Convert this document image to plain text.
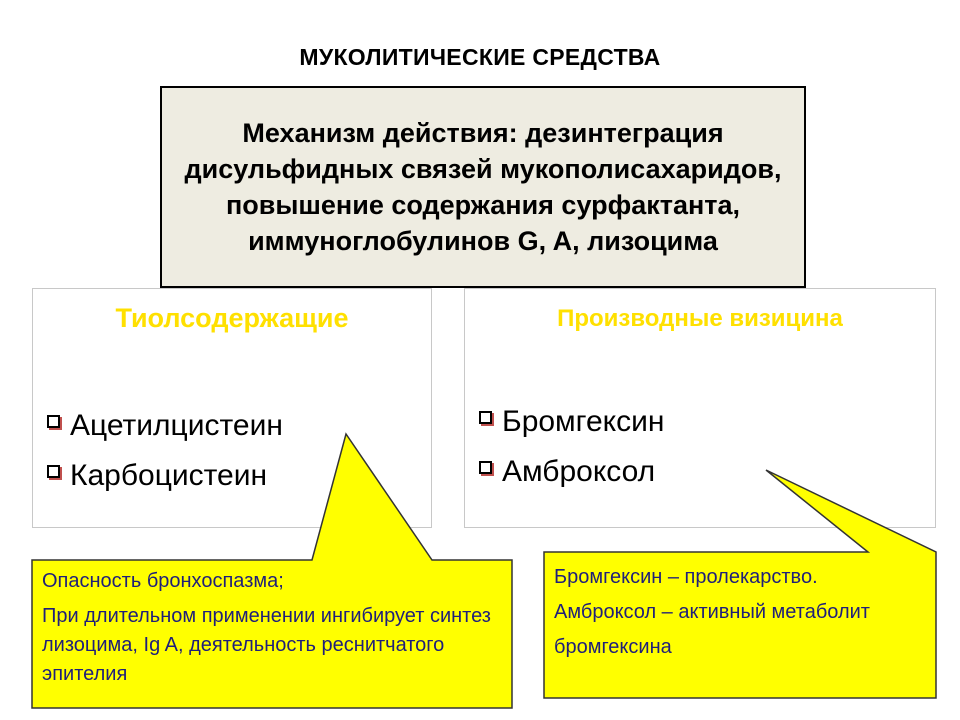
МУКОЛИТИЧЕСКИЕ СРЕДСТВА
Механизм действия: дезинтеграция дисульфидных связей мукополисахаридов, повышение содержания сурфактанта, иммуноглобулинов G, A, лизоцима
Тиолсодержащие
Ацетилцистеин
Карбоцистеин
Производные визицина
Бромгексин
Амброксол

Опасность бронхоспазма;

При длительном применении ингибирует синтез лизоцима, Ig A, деятельность реснитчатого эпителия

Бромгексин – пролекарство.

Амброксол – активный метаболит бромгексина
